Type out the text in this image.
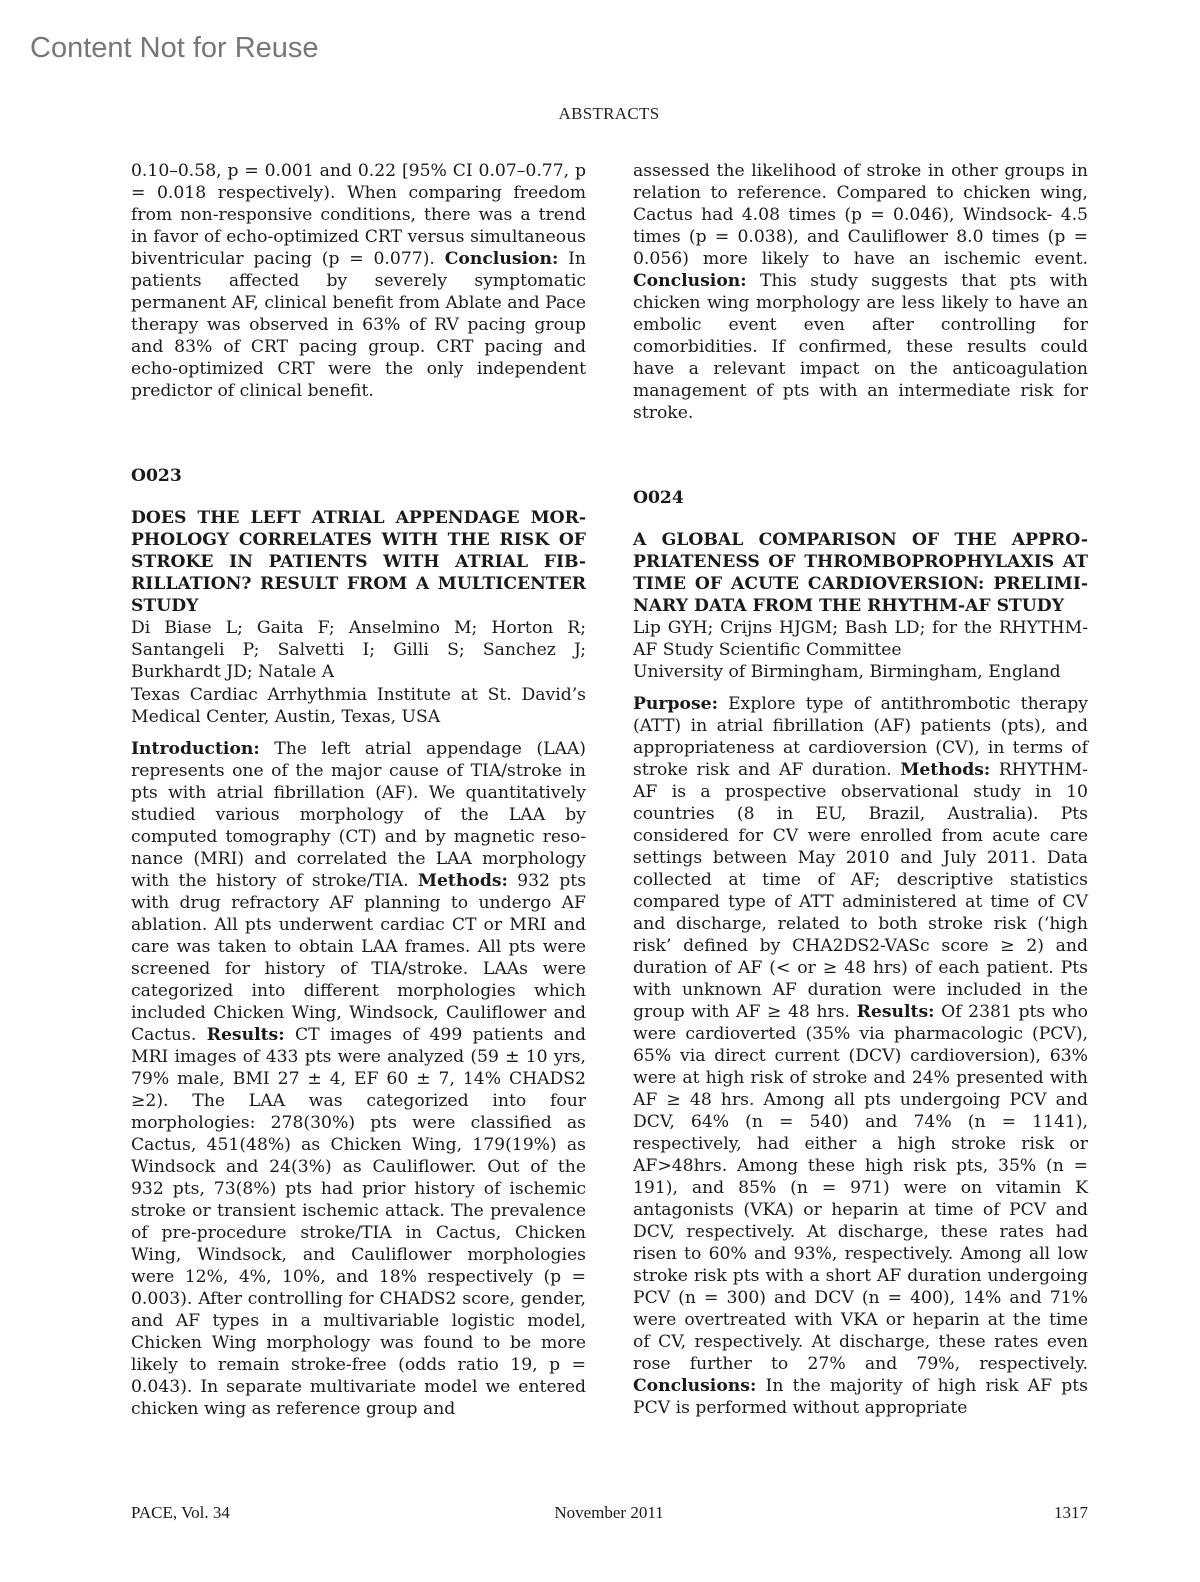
Content Not for Reuse
ABSTRACTS

0.10–0.58, p = 0.001 and 0.22 [95% CI 0.07–0.77, p = 0.018 respectively). When comparing freedom from non-responsive conditions, there was a trend in favor of echo-optimized CRT versus simultaneous biventricular pacing (p = 0.077). Conclusion: In patients affected by severely symptomatic permanent AF, clinical benefit from Ablate and Pace therapy was observed in 63% of RV pacing group and 83% of CRT pacing group. CRT pacing and echo-optimized CRT were the only independent predictor of clinical benefit.

O023

DOES THE LEFT ATRIAL APPENDAGE MOR- PHOLOGY CORRELATES WITH THE RISK OF STROKE IN PATIENTS WITH ATRIAL FIB- RILLATION? RESULT FROM A MULTICENTER STUDY

Di Biase L; Gaita F; Anselmino M; Horton R; Santangeli P; Salvetti I; Gilli S; Sanchez J; Burkhardt JD; Natale A

Texas Cardiac Arrhythmia Institute at St. David’s Medical Center, Austin, Texas, USA

Introduction: The left atrial appendage (LAA) represents one of the major cause of TIA/stroke in pts with atrial fibrillation (AF). We quantitatively studied various morphology of the LAA by computed tomography (CT) and by magnetic reso- nance (MRI) and correlated the LAA morphology with the history of stroke/TIA. Methods: 932 pts with drug refractory AF planning to undergo AF ablation. All pts underwent cardiac CT or MRI and care was taken to obtain LAA frames. All pts were screened for history of TIA/stroke. LAAs were categorized into different morphologies which included Chicken Wing, Windsock, Cauliflower and Cactus. Results: CT images of 499 patients and MRI images of 433 pts were analyzed (59 ± 10 yrs, 79% male, BMI 27 ± 4, EF 60 ± 7, 14% CHADS2 ≥2). The LAA was categorized into four morphologies: 278(30%) pts were classified as Cactus, 451(48%) as Chicken Wing, 179(19%) as Windsock and 24(3%) as Cauliflower. Out of the 932 pts, 73(8%) pts had prior history of ischemic stroke or transient ischemic attack. The prevalence of pre-procedure stroke/TIA in Cactus, Chicken Wing, Windsock, and Cauliflower morphologies were 12%, 4%, 10%, and 18% respectively (p = 0.003). After controlling for CHADS2 score, gender, and AF types in a multivariable logistic model, Chicken Wing morphology was found to be more likely to remain stroke-free (odds ratio 19, p = 0.043). In separate multivariate model we entered chicken wing as reference group and

assessed the likelihood of stroke in other groups in relation to reference. Compared to chicken wing, Cactus had 4.08 times (p = 0.046), Windsock- 4.5 times (p = 0.038), and Cauliflower 8.0 times (p = 0.056) more likely to have an ischemic event. Conclusion: This study suggests that pts with chicken wing morphology are less likely to have an embolic event even after controlling for comorbidities. If confirmed, these results could have a relevant impact on the anticoagulation management of pts with an intermediate risk for stroke.

O024

A GLOBAL COMPARISON OF THE APPRO- PRIATENESS OF THROMBOPROPHYLAXIS AT TIME OF ACUTE CARDIOVERSION: PRELIMI- NARY DATA FROM THE RHYTHM-AF STUDY

Lip GYH; Crijns HJGM; Bash LD; for the RHYTHM- AF Study Scientific Committee

University of Birmingham, Birmingham, England

Purpose: Explore type of antithrombotic therapy (ATT) in atrial fibrillation (AF) patients (pts), and appropriateness at cardioversion (CV), in terms of stroke risk and AF duration. Methods: RHYTHM-AF is a prospective observational study in 10 countries (8 in EU, Brazil, Australia). Pts considered for CV were enrolled from acute care settings between May 2010 and July 2011. Data collected at time of AF; descriptive statistics compared type of ATT administered at time of CV and discharge, related to both stroke risk (‘high risk’ defined by CHA2DS2-VASc score ≥ 2) and duration of AF (< or ≥ 48 hrs) of each patient. Pts with unknown AF duration were included in the group with AF ≥ 48 hrs. Results: Of 2381 pts who were cardioverted (35% via pharmacologic (PCV), 65% via direct current (DCV) cardioversion), 63% were at high risk of stroke and 24% presented with AF ≥ 48 hrs. Among all pts undergoing PCV and DCV, 64% (n = 540) and 74% (n = 1141), respectively, had either a high stroke risk or AF>48hrs. Among these high risk pts, 35% (n = 191), and 85% (n = 971) were on vitamin K antagonists (VKA) or heparin at time of PCV and DCV, respectively. At discharge, these rates had risen to 60% and 93%, respectively. Among all low stroke risk pts with a short AF duration undergoing PCV (n = 300) and DCV (n = 400), 14% and 71% were overtreated with VKA or heparin at the time of CV, respectively. At discharge, these rates even rose further to 27% and 79%, respectively. Conclusions: In the majority of high risk AF pts PCV is performed without appropriate

PACE, Vol. 34	November 2011	1317
